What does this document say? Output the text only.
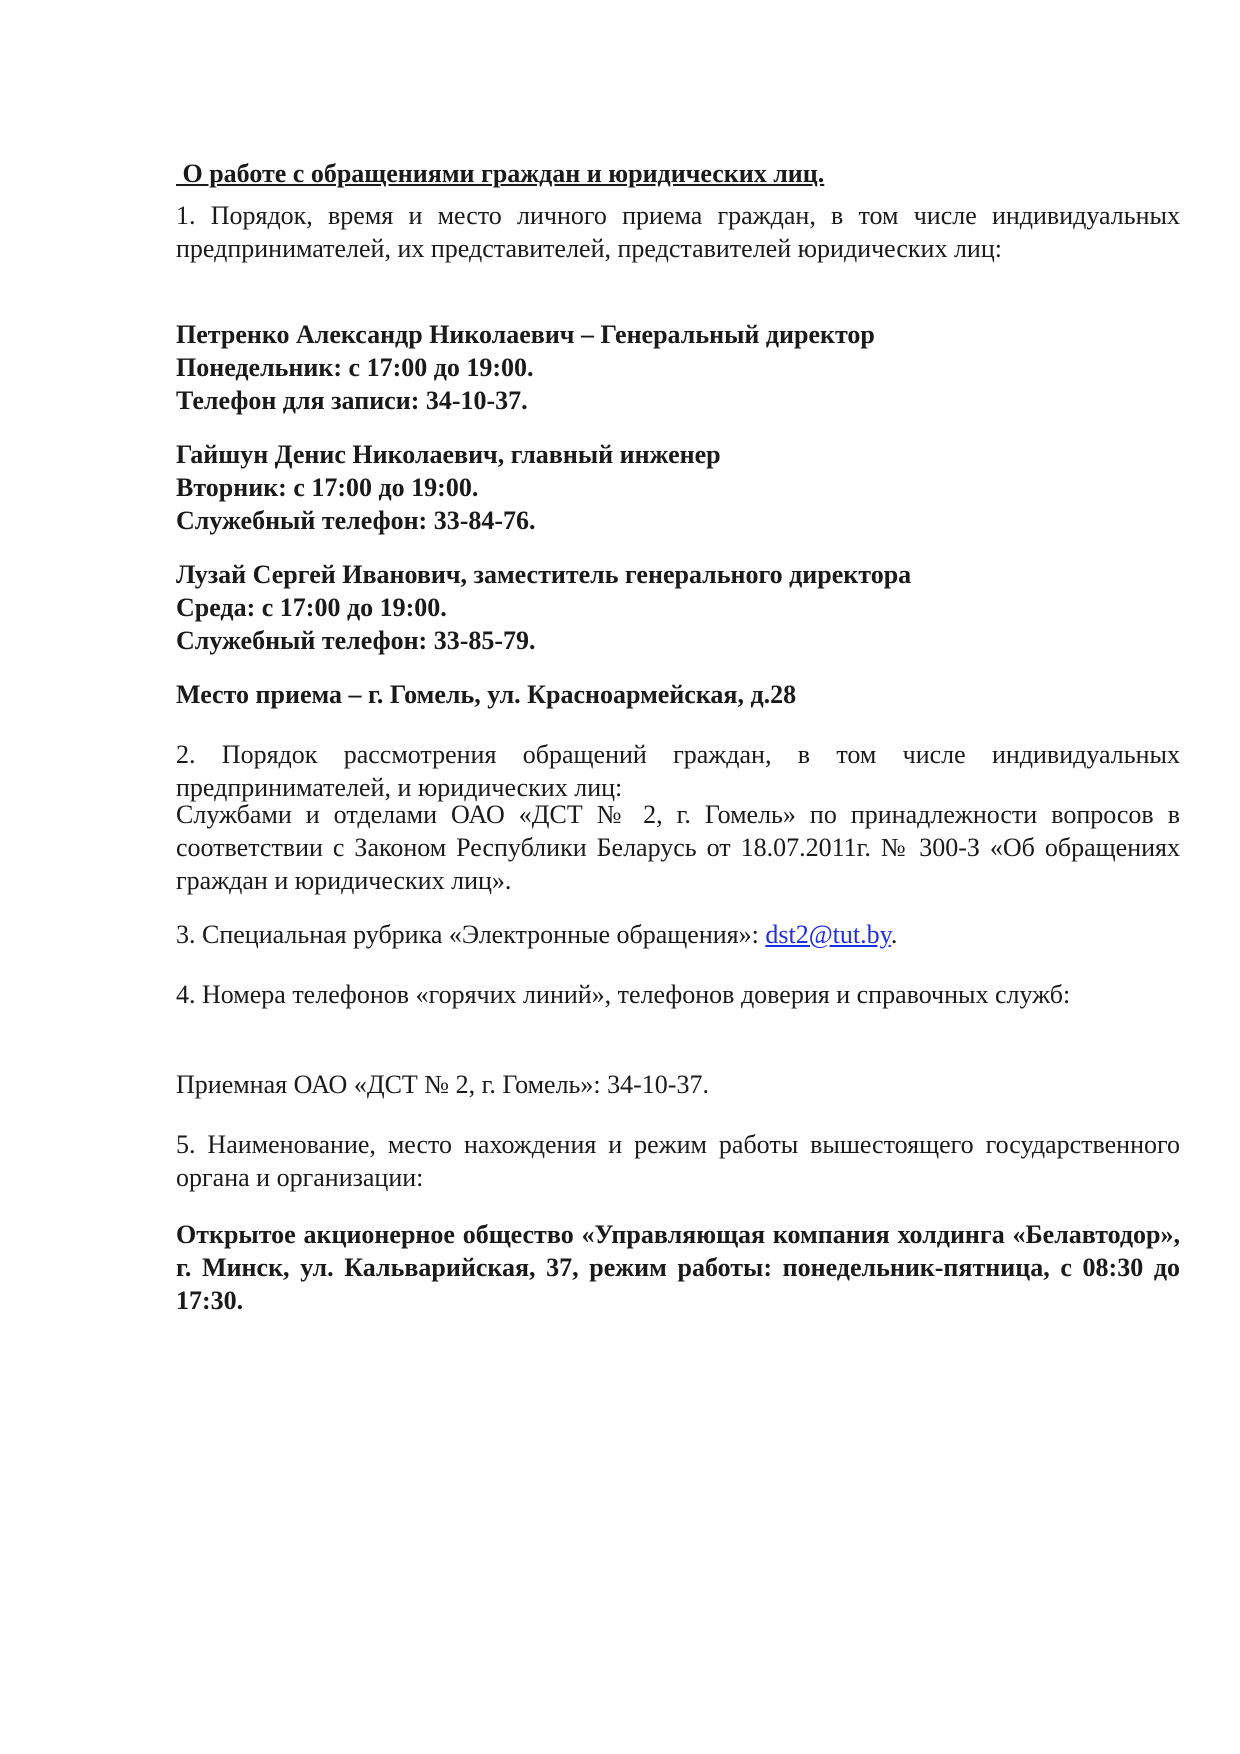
О работе с обращениями граждан и юридических лиц.
1. Порядок, время и место личного приема граждан, в том числе индивидуальных предпринимателей, их представителей, представителей юридических лиц:
Петренко Александр Николаевич – Генеральный директор
Понедельник: с 17:00 до 19:00.
Телефон для записи: 34-10-37.
Гайшун Денис Николаевич, главный инженер
Вторник: с 17:00 до 19:00.
Служебный телефон: 33-84-76.
Лузай Сергей Иванович, заместитель генерального директора
Среда: с 17:00 до 19:00.
Служебный телефон: 33-85-79.
Место приема – г. Гомель, ул. Красноармейская, д.28
2. Порядок рассмотрения обращений граждан, в том числе индивидуальных предпринимателей, и юридических лиц:
Службами и отделами ОАО «ДСТ № 2, г. Гомель» по принадлежности вопросов в соответствии с Законом Республики Беларусь от 18.07.2011г. № 300-З «Об обращениях граждан и юридических лиц».
3. Специальная рубрика «Электронные обращения»: dst2@tut.by.
4. Номера телефонов «горячих линий», телефонов доверия и справочных служб:
Приемная ОАО «ДСТ № 2, г. Гомель»: 34-10-37.
5. Наименование, место нахождения и режим работы вышестоящего государственного органа и организации:
Открытое акционерное общество «Управляющая компания холдинга «Белавтодор», г. Минск, ул. Кальварийская, 37, режим работы: понедельник-пятница, с 08:30 до 17:30.
